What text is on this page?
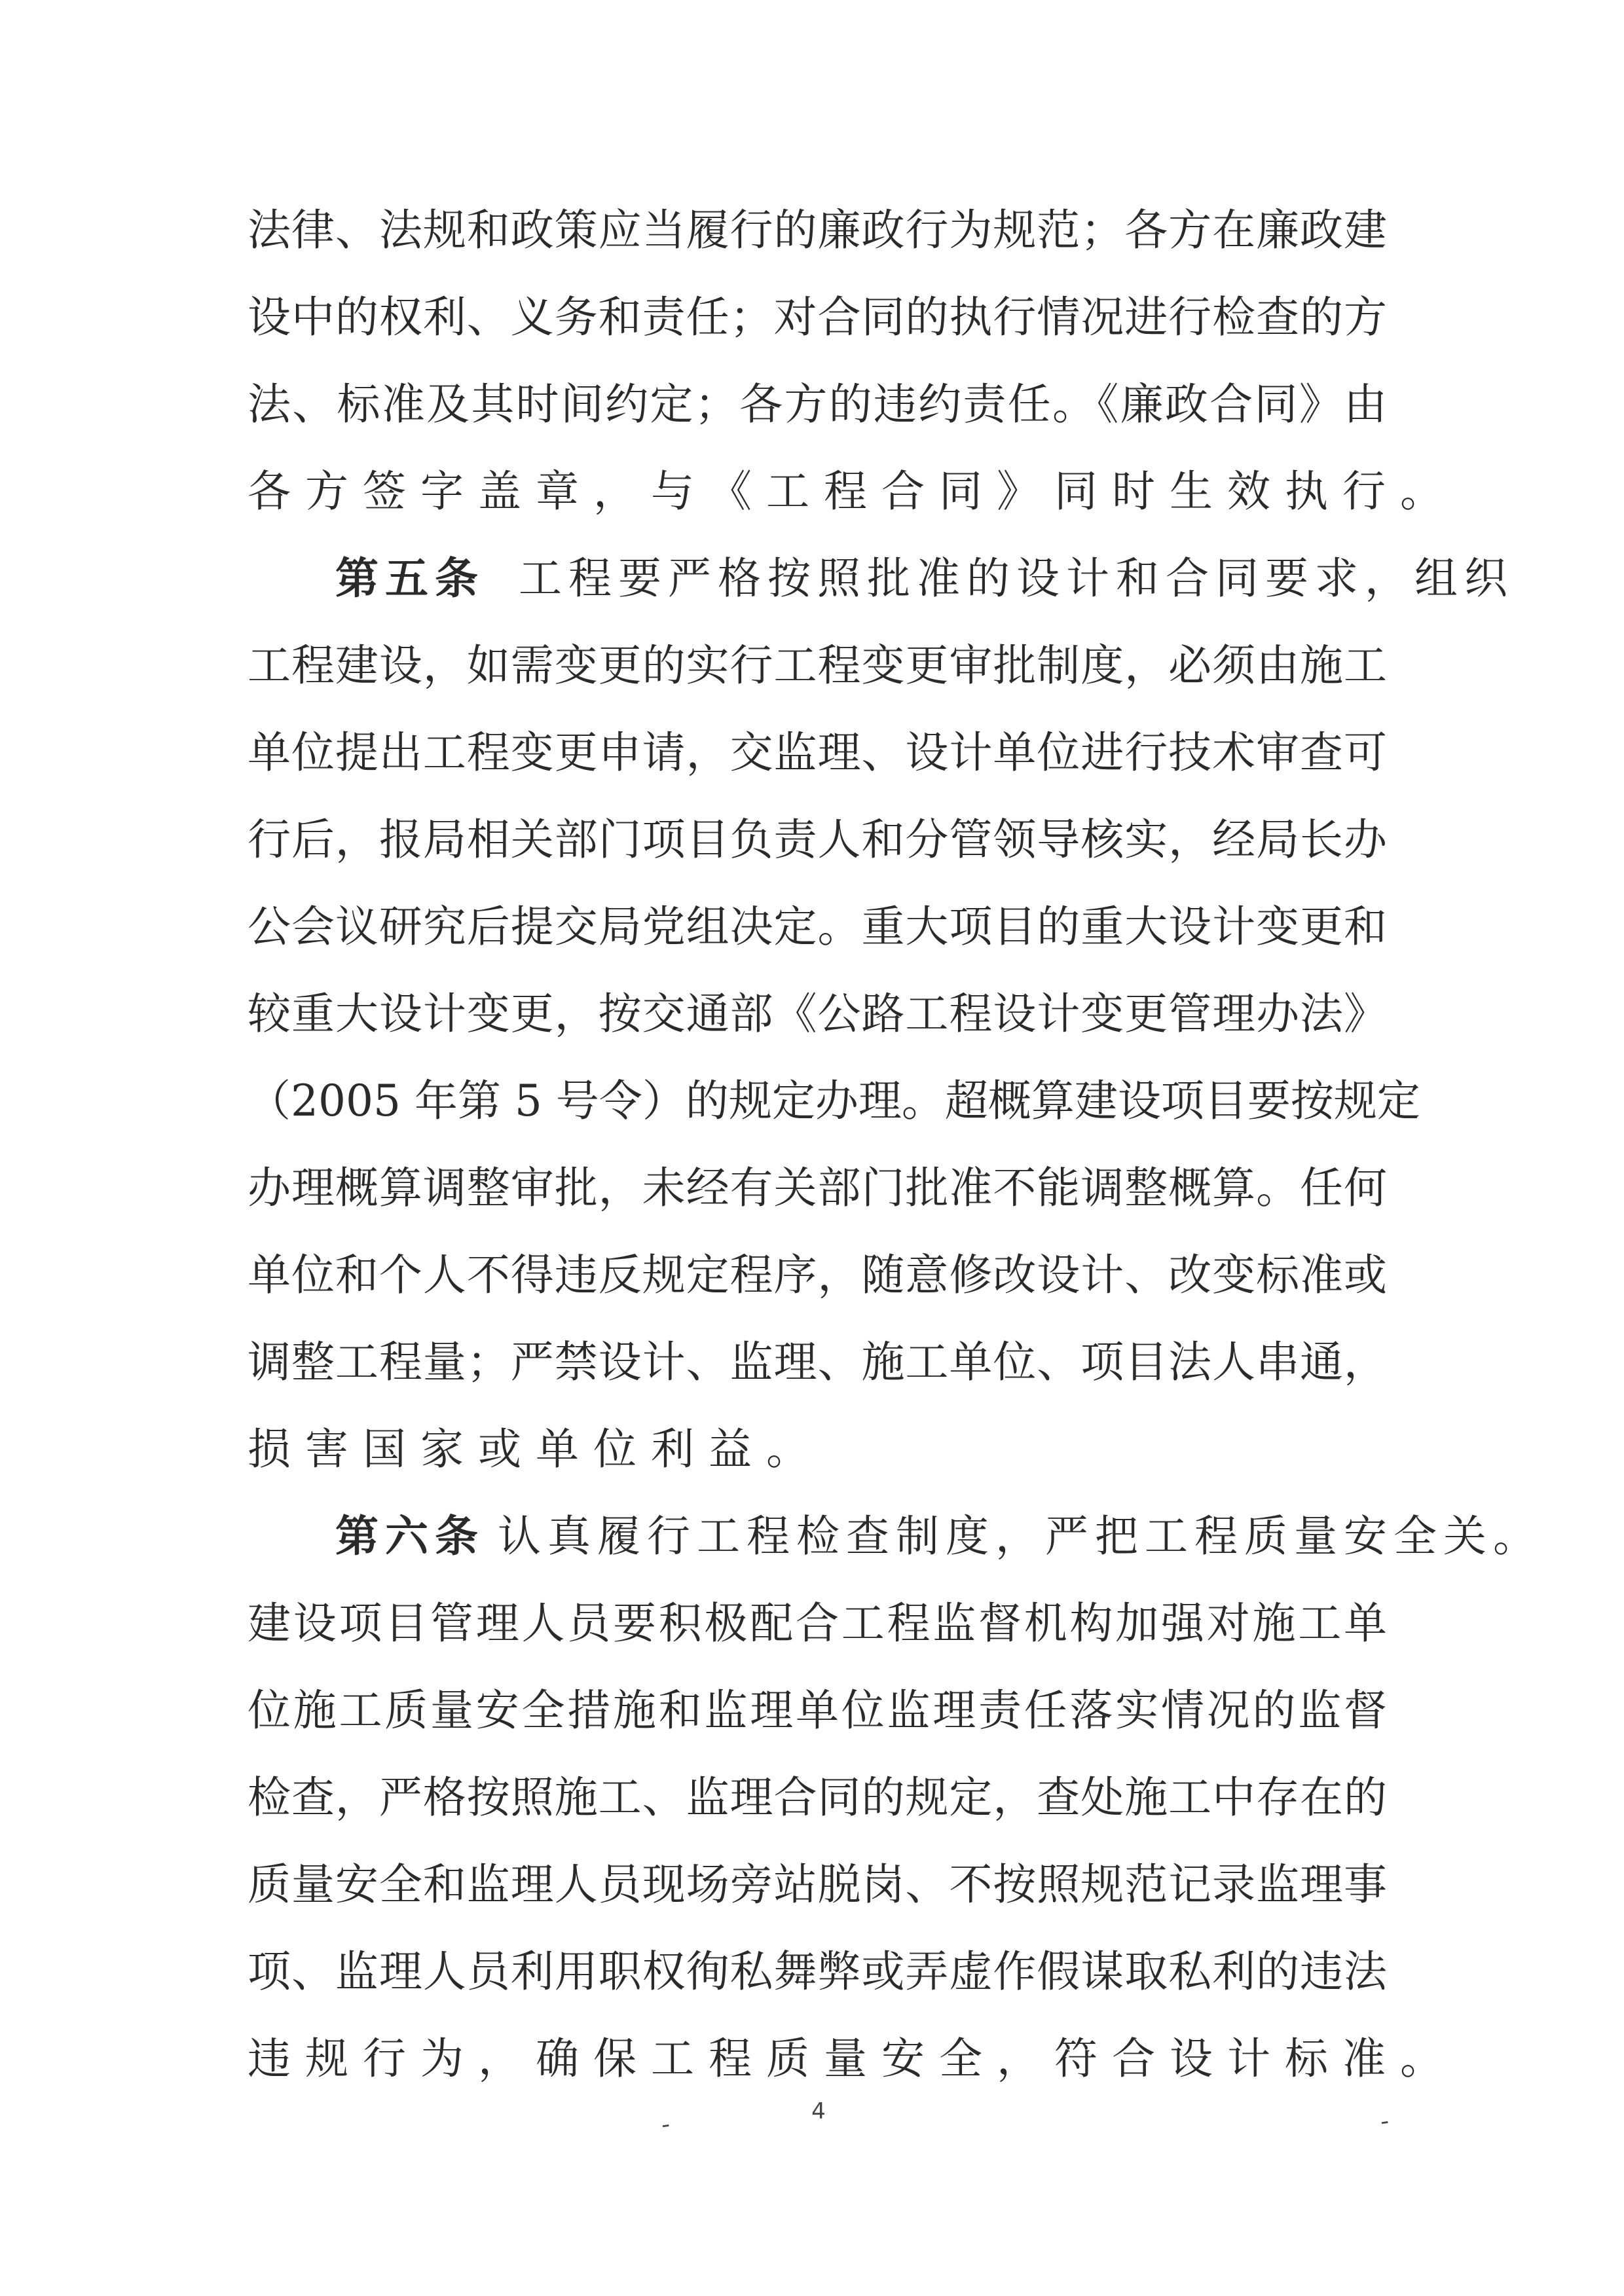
法律、法规和政策应当履行的廉政行为规范；各方在廉政建
设中的权利、义务和责任；对合同的执行情况进行检查的方
法、标准及其时间约定；各方的违约责任。《廉政合同》由
各方签字盖章，与《工程合同》同时生效执行。
第五条 工程要严格按照批准的设计和合同要求，组织
工程建设，如需变更的实行工程变更审批制度，必须由施工
单位提出工程变更申请，交监理、设计单位进行技术审查可
行后，报局相关部门项目负责人和分管领导核实，经局长办
公会议研究后提交局党组决定。重大项目的重大设计变更和
较重大设计变更，按交通部《公路工程设计变更管理办法》
（2005 年第 5 号令）的规定办理。超概算建设项目要按规定
办理概算调整审批，未经有关部门批准不能调整概算。任何
单位和个人不得违反规定程序，随意修改设计、改变标准或
调整工程量；严禁设计、监理、施工单位、项目法人串通，
损害国家或单位利益。
第六条 认真履行工程检查制度，严把工程质量安全关。
建设项目管理人员要积极配合工程监督机构加强对施工单
位施工质量安全措施和监理单位监理责任落实情况的监督
检查，严格按照施工、监理合同的规定，查处施工中存在的
质量安全和监理人员现场旁站脱岗、不按照规范记录监理事
项、监理人员利用职权徇私舞弊或弄虚作假谋取私利的违法
违规行为，确保工程质量安全，符合设计标准。
-	-
4
